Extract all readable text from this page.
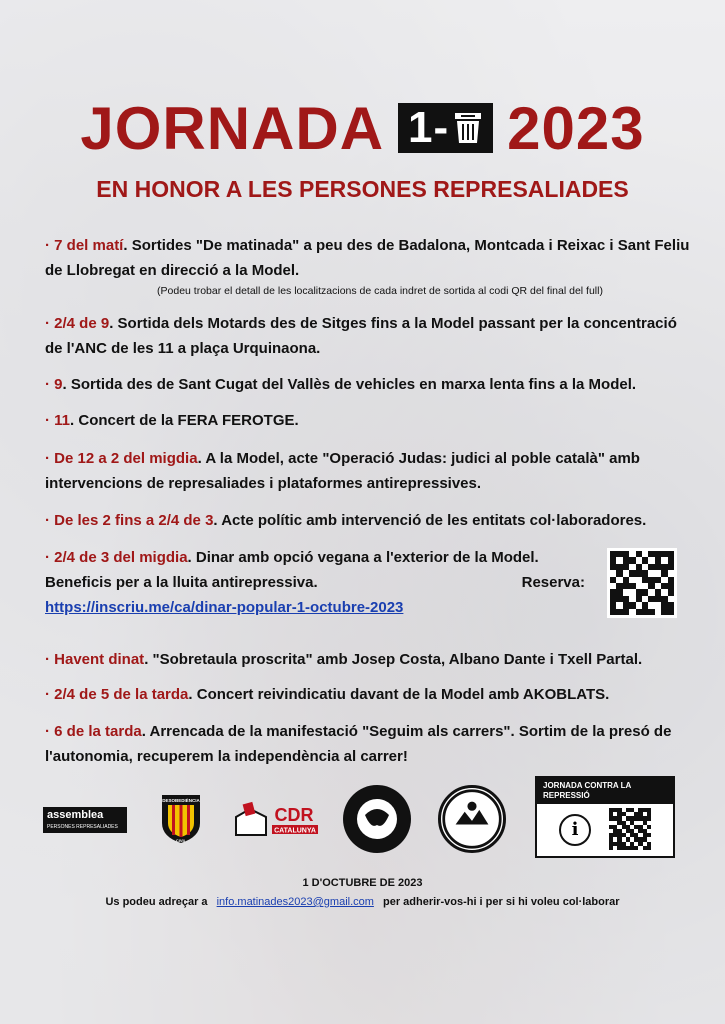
JORNADA 1- 2023
EN HONOR A LES PERSONES REPRESALIADES
· 7 del matí. Sortides "De matinada" a peu des de Badalona, Montcada i Reixac i Sant Feliu de Llobregat en direcció a la Model.
(Podeu trobar el detall de les localitzacions de cada indret de sortida al codi QR del final del full)
· 2/4 de 9. Sortida dels Motards des de Sitges fins a la Model passant per la concentració de l'ANC de les 11 a plaça Urquinaona.
· 9. Sortida des de Sant Cugat del Vallès de vehicles en marxa lenta fins a la Model.
· 11. Concert de la FERA FEROTGE.
· De 12 a 2 del migdia. A la Model, acte "Operació Judas: judici al poble català" amb intervencions de represaliades i plataformes antirepressives.
· De les 2 fins a 2/4 de 3. Acte polític amb intervenció de les entitats col·laboradores.
· 2/4 de 3 del migdia. Dinar amb opció vegana a l'exterior de la Model. Beneficis per a la lluita antirepressiva.	Reserva:
https://inscriu.me/ca/dinar-popular-1-octubre-2023
· Havent dinat. "Sobretaula proscrita" amb Josep Costa, Albano Dante i Txell Partal.
· 2/4 de 5 de la tarda. Concert reivindicatiu davant de la Model amb AKOBLATS.
· 6 de la tarda. Arrencada de la manifestació "Seguim als carrers". Sortim de la presó de l'autonomia, recuperem la independència al carrer!
assemblea
PERSONES REPRESALIADES
DESOBEDIÈNCIA
CIVIL
CDR
CATALUNYA
JORNADA CONTRA LA REPRESSIÓ
i
1 D'OCTUBRE DE 2023
Us podeu adreçar a info.matinades2023@gmail.com per adherir-vos-hi i per si hi voleu col·laborar
